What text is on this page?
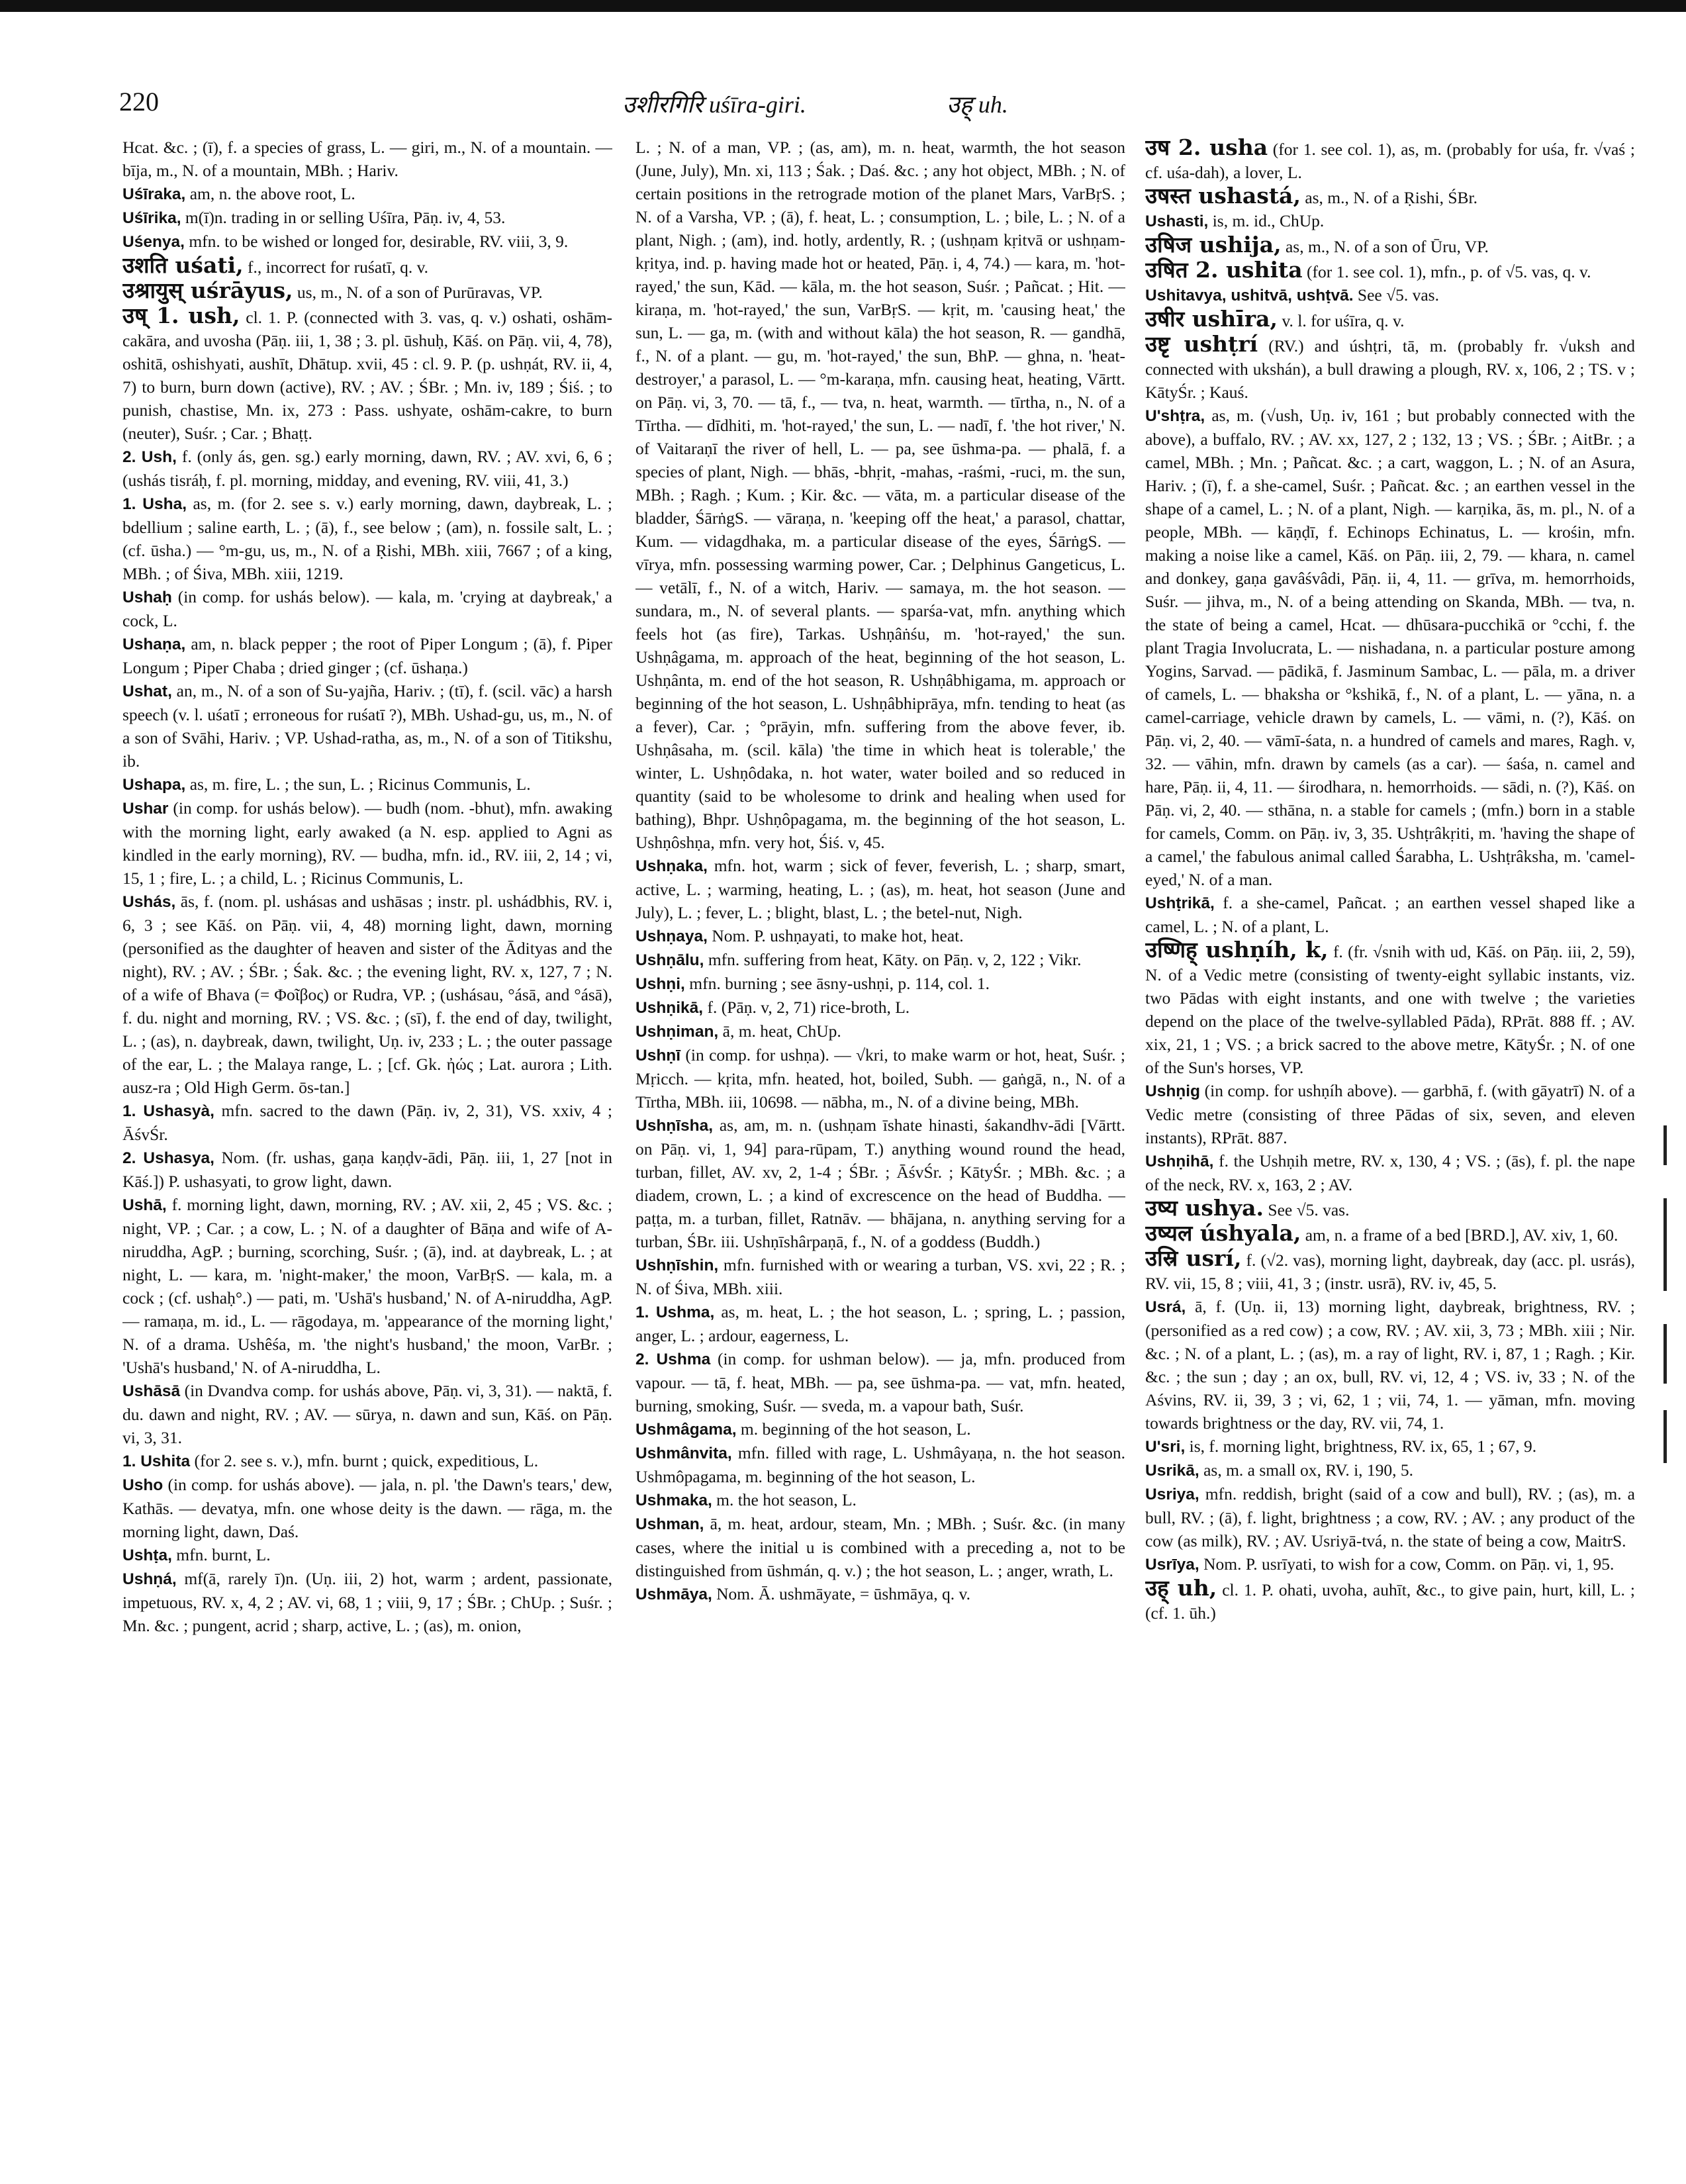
220	उशीरगिरि uśīra-giri.	उह् uh.

Hcat. &c. ; (ī), f. a species of grass, L. — giri, m., N. of a mountain. — bīja, m., N. of a mountain, MBh. ; Hariv.

Uśīraka, am, n. the above root, L.

Uśīrika, m(ī)n. trading in or selling Uśīra, Pāṇ. iv, 4, 53.

Uśenya, mfn. to be wished or longed for, desirable, RV. viii, 3, 9.

उशति uśati, f., incorrect for ruśatī, q. v.

उश्रायुस् uśrāyus, us, m., N. of a son of Purūravas, VP.

उष् 1. ush, cl. 1. P. (connected with 3. vas, q. v.) oshati, oshām-cakāra, and uvosha (Pāṇ. iii, 1, 38 ; 3. pl. ūshuḥ, Kāś. on Pāṇ. vii, 4, 78), oshitā, oshishyati, aushīt, Dhātup. xvii, 45 : cl. 9. P. (p. ushṇát, RV. ii, 4, 7) to burn, burn down (active), RV. ; AV. ; ŚBr. ; Mn. iv, 189 ; Śiś. ; to punish, chastise, Mn. ix, 273 : Pass. ushyate, oshām-cakre, to burn (neuter), Suśr. ; Car. ; Bhaṭṭ.

2. Ush, f. (only ás, gen. sg.) early morning, dawn, RV. ; AV. xvi, 6, 6 ; (ushás tisráḥ, f. pl. morning, midday, and evening, RV. viii, 41, 3.)

1. Usha, as, m. (for 2. see s. v.) early morning, dawn, daybreak, L. ; bdellium ; saline earth, L. ; (ā), f., see below ; (am), n. fossile salt, L. ; (cf. ūsha.) — °m-gu, us, m., N. of a Ṛishi, MBh. xiii, 7667 ; of a king, MBh. ; of Śiva, MBh. xiii, 1219.

Ushaḥ (in comp. for ushás below). — kala, m. 'crying at daybreak,' a cock, L.

Ushaṇa, am, n. black pepper ; the root of Piper Longum ; (ā), f. Piper Longum ; Piper Chaba ; dried ginger ; (cf. ūshaṇa.)

Ushat, an, m., N. of a son of Su-yajña, Hariv. ; (tī), f. (scil. vāc) a harsh speech (v. l. uśatī ; erroneous for ruśatī ?), MBh. Ushad-gu, us, m., N. of a son of Svāhi, Hariv. ; VP. Ushad-ratha, as, m., N. of a son of Titikshu, ib.

Ushapa, as, m. fire, L. ; the sun, L. ; Ricinus Communis, L.

Ushar (in comp. for ushás below). — budh (nom. -bhut), mfn. awaking with the morning light, early awaked (a N. esp. applied to Agni as kindled in the early morning), RV. — budha, mfn. id., RV. iii, 2, 14 ; vi, 15, 1 ; fire, L. ; a child, L. ; Ricinus Communis, L.

Ushás, ās, f. (nom. pl. ushásas and ushāsas ; instr. pl. ushádbhis, RV. i, 6, 3 ; see Kāś. on Pāṇ. vii, 4, 48) morning light, dawn, morning (personified as the daughter of heaven and sister of the Ādityas and the night), RV. ; AV. ; ŚBr. ; Śak. &c. ; the evening light, RV. x, 127, 7 ; N. of a wife of Bhava (= Φοῖβος) or Rudra, VP. ; (ushásau, °ásā, and °ásā), f. du. night and morning, RV. ; VS. &c. ; (sī), f. the end of day, twilight, L. ; (as), n. daybreak, dawn, twilight, Uṇ. iv, 233 ; L. ; the outer passage of the ear, L. ; the Malaya range, L. ; [cf. Gk. ἠώς ; Lat. aurora ; Lith. ausz-ra ; Old High Germ. ōs-tan.]

1. Ushasyà, mfn. sacred to the dawn (Pāṇ. iv, 2, 31), VS. xxiv, 4 ; ĀśvŚr.

2. Ushasya, Nom. (fr. ushas, gaṇa kaṇḍv-ādi, Pāṇ. iii, 1, 27 [not in Kāś.]) P. ushasyati, to grow light, dawn.

Ushā, f. morning light, dawn, morning, RV. ; AV. xii, 2, 45 ; VS. &c. ; night, VP. ; Car. ; a cow, L. ; N. of a daughter of Bāṇa and wife of A-niruddha, AgP. ; burning, scorching, Suśr. ; (ā), ind. at daybreak, L. ; at night, L. — kara, m. 'night-maker,' the moon, VarBṛS. — kala, m. a cock ; (cf. ushaḥ°.) — pati, m. 'Ushā's husband,' N. of A-niruddha, AgP. — ramaṇa, m. id., L. — rāgodaya, m. 'appearance of the morning light,' N. of a drama. Ushêśa, m. 'the night's husband,' the moon, VarBr. ; 'Ushā's husband,' N. of A-niruddha, L.

Ushāsā (in Dvandva comp. for ushás above, Pāṇ. vi, 3, 31). — naktā, f. du. dawn and night, RV. ; AV. — sūrya, n. dawn and sun, Kāś. on Pāṇ. vi, 3, 31.

1. Ushita (for 2. see s. v.), mfn. burnt ; quick, expeditious, L.

Usho (in comp. for ushás above). — jala, n. pl. 'the Dawn's tears,' dew, Kathās. — devatya, mfn. one whose deity is the dawn. — rāga, m. the morning light, dawn, Daś.

Ushṭa, mfn. burnt, L.

Ushṇá, mf(ā, rarely ī)n. (Uṇ. iii, 2) hot, warm ; ardent, passionate, impetuous, RV. x, 4, 2 ; AV. vi, 68, 1 ; viii, 9, 17 ; ŚBr. ; ChUp. ; Suśr. ; Mn. &c. ; pungent, acrid ; sharp, active, L. ; (as), m. onion,

L. ; N. of a man, VP. ; (as, am), m. n. heat, warmth, the hot season (June, July), Mn. xi, 113 ; Śak. ; Daś. &c. ; any hot object, MBh. ; N. of certain positions in the retrograde motion of the planet Mars, VarBṛS. ; N. of a Varsha, VP. ; (ā), f. heat, L. ; consumption, L. ; bile, L. ; N. of a plant, Nigh. ; (am), ind. hotly, ardently, R. ; (ushṇam kṛitvā or ushṇam-kṛitya, ind. p. having made hot or heated, Pāṇ. i, 4, 74.) — kara, m. 'hot-rayed,' the sun, Kād. — kāla, m. the hot season, Suśr. ; Pañcat. ; Hit. — kiraṇa, m. 'hot-rayed,' the sun, VarBṛS. — kṛit, m. 'causing heat,' the sun, L. — ga, m. (with and without kāla) the hot season, R. — gandhā, f., N. of a plant. — gu, m. 'hot-rayed,' the sun, BhP. — ghna, n. 'heat-destroyer,' a parasol, L. — °m-karaṇa, mfn. causing heat, heating, Vārtt. on Pāṇ. vi, 3, 70. — tā, f., — tva, n. heat, warmth. — tīrtha, n., N. of a Tīrtha. — dīdhiti, m. 'hot-rayed,' the sun, L. — nadī, f. 'the hot river,' N. of Vaitaraṇī the river of hell, L. — pa, see ūshma-pa. — phalā, f. a species of plant, Nigh. — bhās, -bhṛit, -mahas, -raśmi, -ruci, m. the sun, MBh. ; Ragh. ; Kum. ; Kir. &c. — vāta, m. a particular disease of the bladder, ŚārṅgS. — vāraṇa, n. 'keeping off the heat,' a parasol, chattar, Kum. — vidagdhaka, m. a particular disease of the eyes, ŚārṅgS. — vīrya, mfn. possessing warming power, Car. ; Delphinus Gangeticus, L. — vetālī, f., N. of a witch, Hariv. — samaya, m. the hot season. — sundara, m., N. of several plants. — sparśa-vat, mfn. anything which feels hot (as fire), Tarkas. Ushṇâṅśu, m. 'hot-rayed,' the sun. Ushṇâgama, m. approach of the heat, beginning of the hot season, L. Ushṇânta, m. end of the hot season, R. Ushṇâbhigama, m. approach or beginning of the hot season, L. Ushṇâbhiprāya, mfn. tending to heat (as a fever), Car. ; °prāyin, mfn. suffering from the above fever, ib. Ushṇâsaha, m. (scil. kāla) 'the time in which heat is tolerable,' the winter, L. Ushṇôdaka, n. hot water, water boiled and so reduced in quantity (said to be wholesome to drink and healing when used for bathing), Bhpr. Ushṇôpagama, m. the beginning of the hot season, L. Ushṇôshṇa, mfn. very hot, Śiś. v, 45.

Ushṇaka, mfn. hot, warm ; sick of fever, feverish, L. ; sharp, smart, active, L. ; warming, heating, L. ; (as), m. heat, hot season (June and July), L. ; fever, L. ; blight, blast, L. ; the betel-nut, Nigh.

Ushṇaya, Nom. P. ushṇayati, to make hot, heat.

Ushṇālu, mfn. suffering from heat, Kāty. on Pāṇ. v, 2, 122 ; Vikr.

Ushṇi, mfn. burning ; see āsny-ushṇi, p. 114, col. 1.

Ushṇikā, f. (Pāṇ. v, 2, 71) rice-broth, L.

Ushṇiman, ā, m. heat, ChUp.

Ushṇī (in comp. for ushṇa). — √kri, to make warm or hot, heat, Suśr. ; Mṛicch. — kṛita, mfn. heated, hot, boiled, Subh. — gaṅgā, n., N. of a Tīrtha, MBh. iii, 10698. — nābha, m., N. of a divine being, MBh.

Ushṇīsha, as, am, m. n. (ushṇam īshate hinasti, śakandhv-ādi [Vārtt. on Pāṇ. vi, 1, 94] para-rūpam, T.) anything wound round the head, turban, fillet, AV. xv, 2, 1-4 ; ŚBr. ; ĀśvŚr. ; KātyŚr. ; MBh. &c. ; a diadem, crown, L. ; a kind of excrescence on the head of Buddha. — paṭṭa, m. a turban, fillet, Ratnāv. — bhājana, n. anything serving for a turban, ŚBr. iii. Ushṇīshârpaṇā, f., N. of a goddess (Buddh.)

Ushṇīshin, mfn. furnished with or wearing a turban, VS. xvi, 22 ; R. ; N. of Śiva, MBh. xiii.

1. Ushma, as, m. heat, L. ; the hot season, L. ; spring, L. ; passion, anger, L. ; ardour, eagerness, L.

2. Ushma (in comp. for ushman below). — ja, mfn. produced from vapour. — tā, f. heat, MBh. — pa, see ūshma-pa. — vat, mfn. heated, burning, smoking, Suśr. — sveda, m. a vapour bath, Suśr.

Ushmâgama, m. beginning of the hot season, L.

Ushmânvita, mfn. filled with rage, L. Ushmâyaṇa, n. the hot season. Ushmôpagama, m. beginning of the hot season, L.

Ushmaka, m. the hot season, L.

Ushman, ā, m. heat, ardour, steam, Mn. ; MBh. ; Suśr. &c. (in many cases, where the initial u is combined with a preceding a, not to be distinguished from ūshmán, q. v.) ; the hot season, L. ; anger, wrath, L.

Ushmāya, Nom. Ā. ushmāyate, = ūshmāya, q. v.

उष 2. usha (for 1. see col. 1), as, m. (probably for uśa, fr. √vaś ; cf. uśa-dah), a lover, L.

उषस्त ushastá, as, m., N. of a Ṛishi, ŚBr.

Ushasti, is, m. id., ChUp.

उषिज ushija, as, m., N. of a son of Ūru, VP.

उषित 2. ushita (for 1. see col. 1), mfn., p. of √5. vas, q. v.

Ushitavya, ushitvā, ushṭvā. See √5. vas.

उषीर ushīra, v. l. for uśīra, q. v.

उष्टृ ushṭrí (RV.) and úshṭri, tā, m. (probably fr. √uksh and connected with ukshán), a bull drawing a plough, RV. x, 106, 2 ; TS. v ; KātyŚr. ; Kauś.

U'shṭra, as, m. (√ush, Uṇ. iv, 161 ; but probably connected with the above), a buffalo, RV. ; AV. xx, 127, 2 ; 132, 13 ; VS. ; ŚBr. ; AitBr. ; a camel, MBh. ; Mn. ; Pañcat. &c. ; a cart, waggon, L. ; N. of an Asura, Hariv. ; (ī), f. a she-camel, Suśr. ; Pañcat. &c. ; an earthen vessel in the shape of a camel, L. ; N. of a plant, Nigh. — karṇika, ās, m. pl., N. of a people, MBh. — kāṇḍī, f. Echinops Echinatus, L. — krośin, mfn. making a noise like a camel, Kāś. on Pāṇ. iii, 2, 79. — khara, n. camel and donkey, gaṇa gavâśvâdi, Pāṇ. ii, 4, 11. — grīva, m. hemorrhoids, Suśr. — jihva, m., N. of a being attending on Skanda, MBh. — tva, n. the state of being a camel, Hcat. — dhūsara-pucchikā or °cchi, f. the plant Tragia Involucrata, L. — nishadana, n. a particular posture among Yogins, Sarvad. — pādikā, f. Jasminum Sambac, L. — pāla, m. a driver of camels, L. — bhaksha or °kshikā, f., N. of a plant, L. — yāna, n. a camel-carriage, vehicle drawn by camels, L. — vāmi, n. (?), Kāś. on Pāṇ. vi, 2, 40. — vāmī-śata, n. a hundred of camels and mares, Ragh. v, 32. — vāhin, mfn. drawn by camels (as a car). — śaśa, n. camel and hare, Pāṇ. ii, 4, 11. — śirodhara, n. hemorrhoids. — sādi, n. (?), Kāś. on Pāṇ. vi, 2, 40. — sthāna, n. a stable for camels ; (mfn.) born in a stable for camels, Comm. on Pāṇ. iv, 3, 35. Ushṭrâkṛiti, m. 'having the shape of a camel,' the fabulous animal called Śarabha, L. Ushṭrâksha, m. 'camel-eyed,' N. of a man.

Ushṭrikā, f. a she-camel, Pañcat. ; an earthen vessel shaped like a camel, L. ; N. of a plant, L.

उष्णिह् ushṇíh, k, f. (fr. √snih with ud, Kāś. on Pāṇ. iii, 2, 59), N. of a Vedic metre (consisting of twenty-eight syllabic instants, viz. two Pādas with eight instants, and one with twelve ; the varieties depend on the place of the twelve-syllabled Pāda), RPrāt. 888 ff. ; AV. xix, 21, 1 ; VS. ; a brick sacred to the above metre, KātyŚr. ; N. of one of the Sun's horses, VP.

Ushṇig (in comp. for ushṇíh above). — garbhā, f. (with gāyatrī) N. of a Vedic metre (consisting of three Pādas of six, seven, and eleven instants), RPrāt. 887.

Ushṇihā, f. the Ushṇih metre, RV. x, 130, 4 ; VS. ; (ās), f. pl. the nape of the neck, RV. x, 163, 2 ; AV.

उष्य ushya. See √5. vas.

उष्यल úshyala, am, n. a frame of a bed [BRD.], AV. xiv, 1, 60.

उस्रि usrí, f. (√2. vas), morning light, daybreak, day (acc. pl. usrás), RV. vii, 15, 8 ; viii, 41, 3 ; (instr. usrā), RV. iv, 45, 5.

Usrá, ā, f. (Uṇ. ii, 13) morning light, daybreak, brightness, RV. ; (personified as a red cow) ; a cow, RV. ; AV. xii, 3, 73 ; MBh. xiii ; Nir. &c. ; N. of a plant, L. ; (as), m. a ray of light, RV. i, 87, 1 ; Ragh. ; Kir. &c. ; the sun ; day ; an ox, bull, RV. vi, 12, 4 ; VS. iv, 33 ; N. of the Aśvins, RV. ii, 39, 3 ; vi, 62, 1 ; vii, 74, 1. — yāman, mfn. moving towards brightness or the day, RV. vii, 74, 1.

U'sri, is, f. morning light, brightness, RV. ix, 65, 1 ; 67, 9.

Usrikā, as, m. a small ox, RV. i, 190, 5.

Usriya, mfn. reddish, bright (said of a cow and bull), RV. ; (as), m. a bull, RV. ; (ā), f. light, brightness ; a cow, RV. ; AV. ; any product of the cow (as milk), RV. ; AV. Usriyā-tvá, n. the state of being a cow, MaitrS.

Usrīya, Nom. P. usrīyati, to wish for a cow, Comm. on Pāṇ. vi, 1, 95.

उह् uh, cl. 1. P. ohati, uvoha, auhīt, &c., to give pain, hurt, kill, L. ; (cf. 1. ūh.)
